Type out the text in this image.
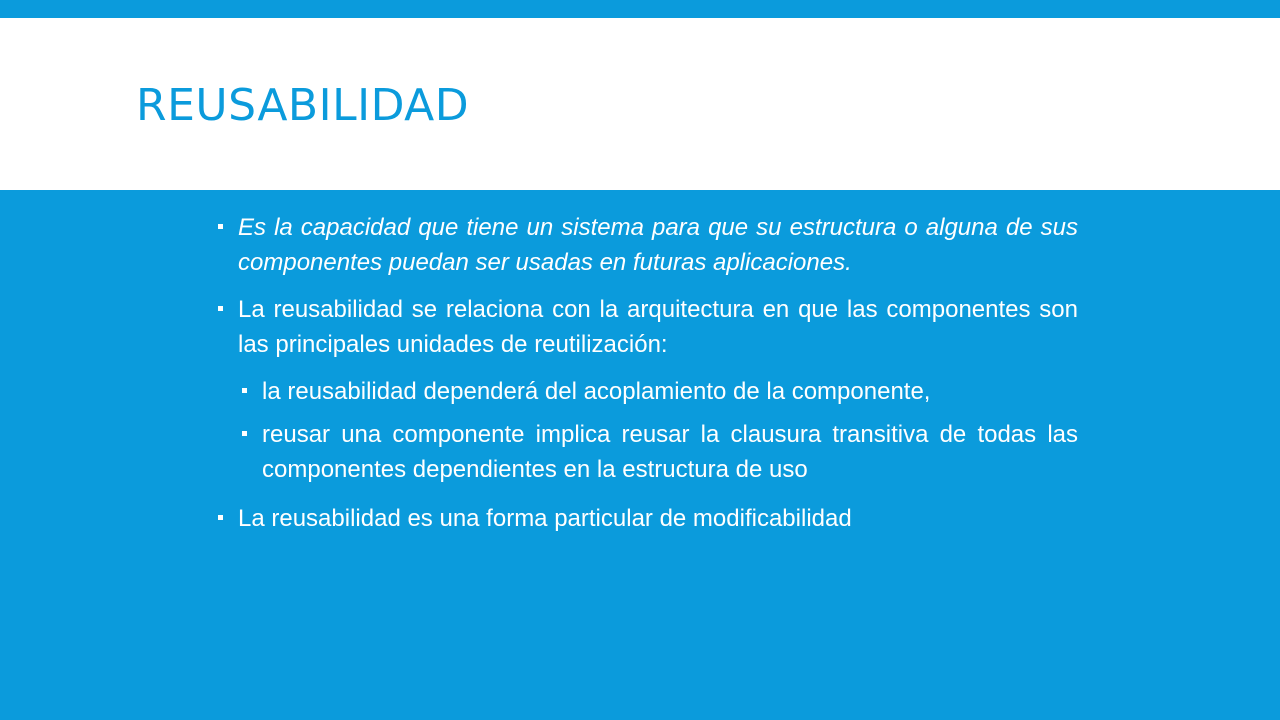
REUSABILIDAD
Es la capacidad que tiene un sistema para que su estructura o alguna de sus componentes puedan ser usadas en futuras aplicaciones.
La reusabilidad se relaciona con la arquitectura en que las componentes son las principales unidades de reutilización:
la reusabilidad dependerá del acoplamiento de la componente,
reusar una componente implica reusar la clausura transitiva de todas las componentes dependientes en la estructura de uso
La reusabilidad es una forma particular de modificabilidad
